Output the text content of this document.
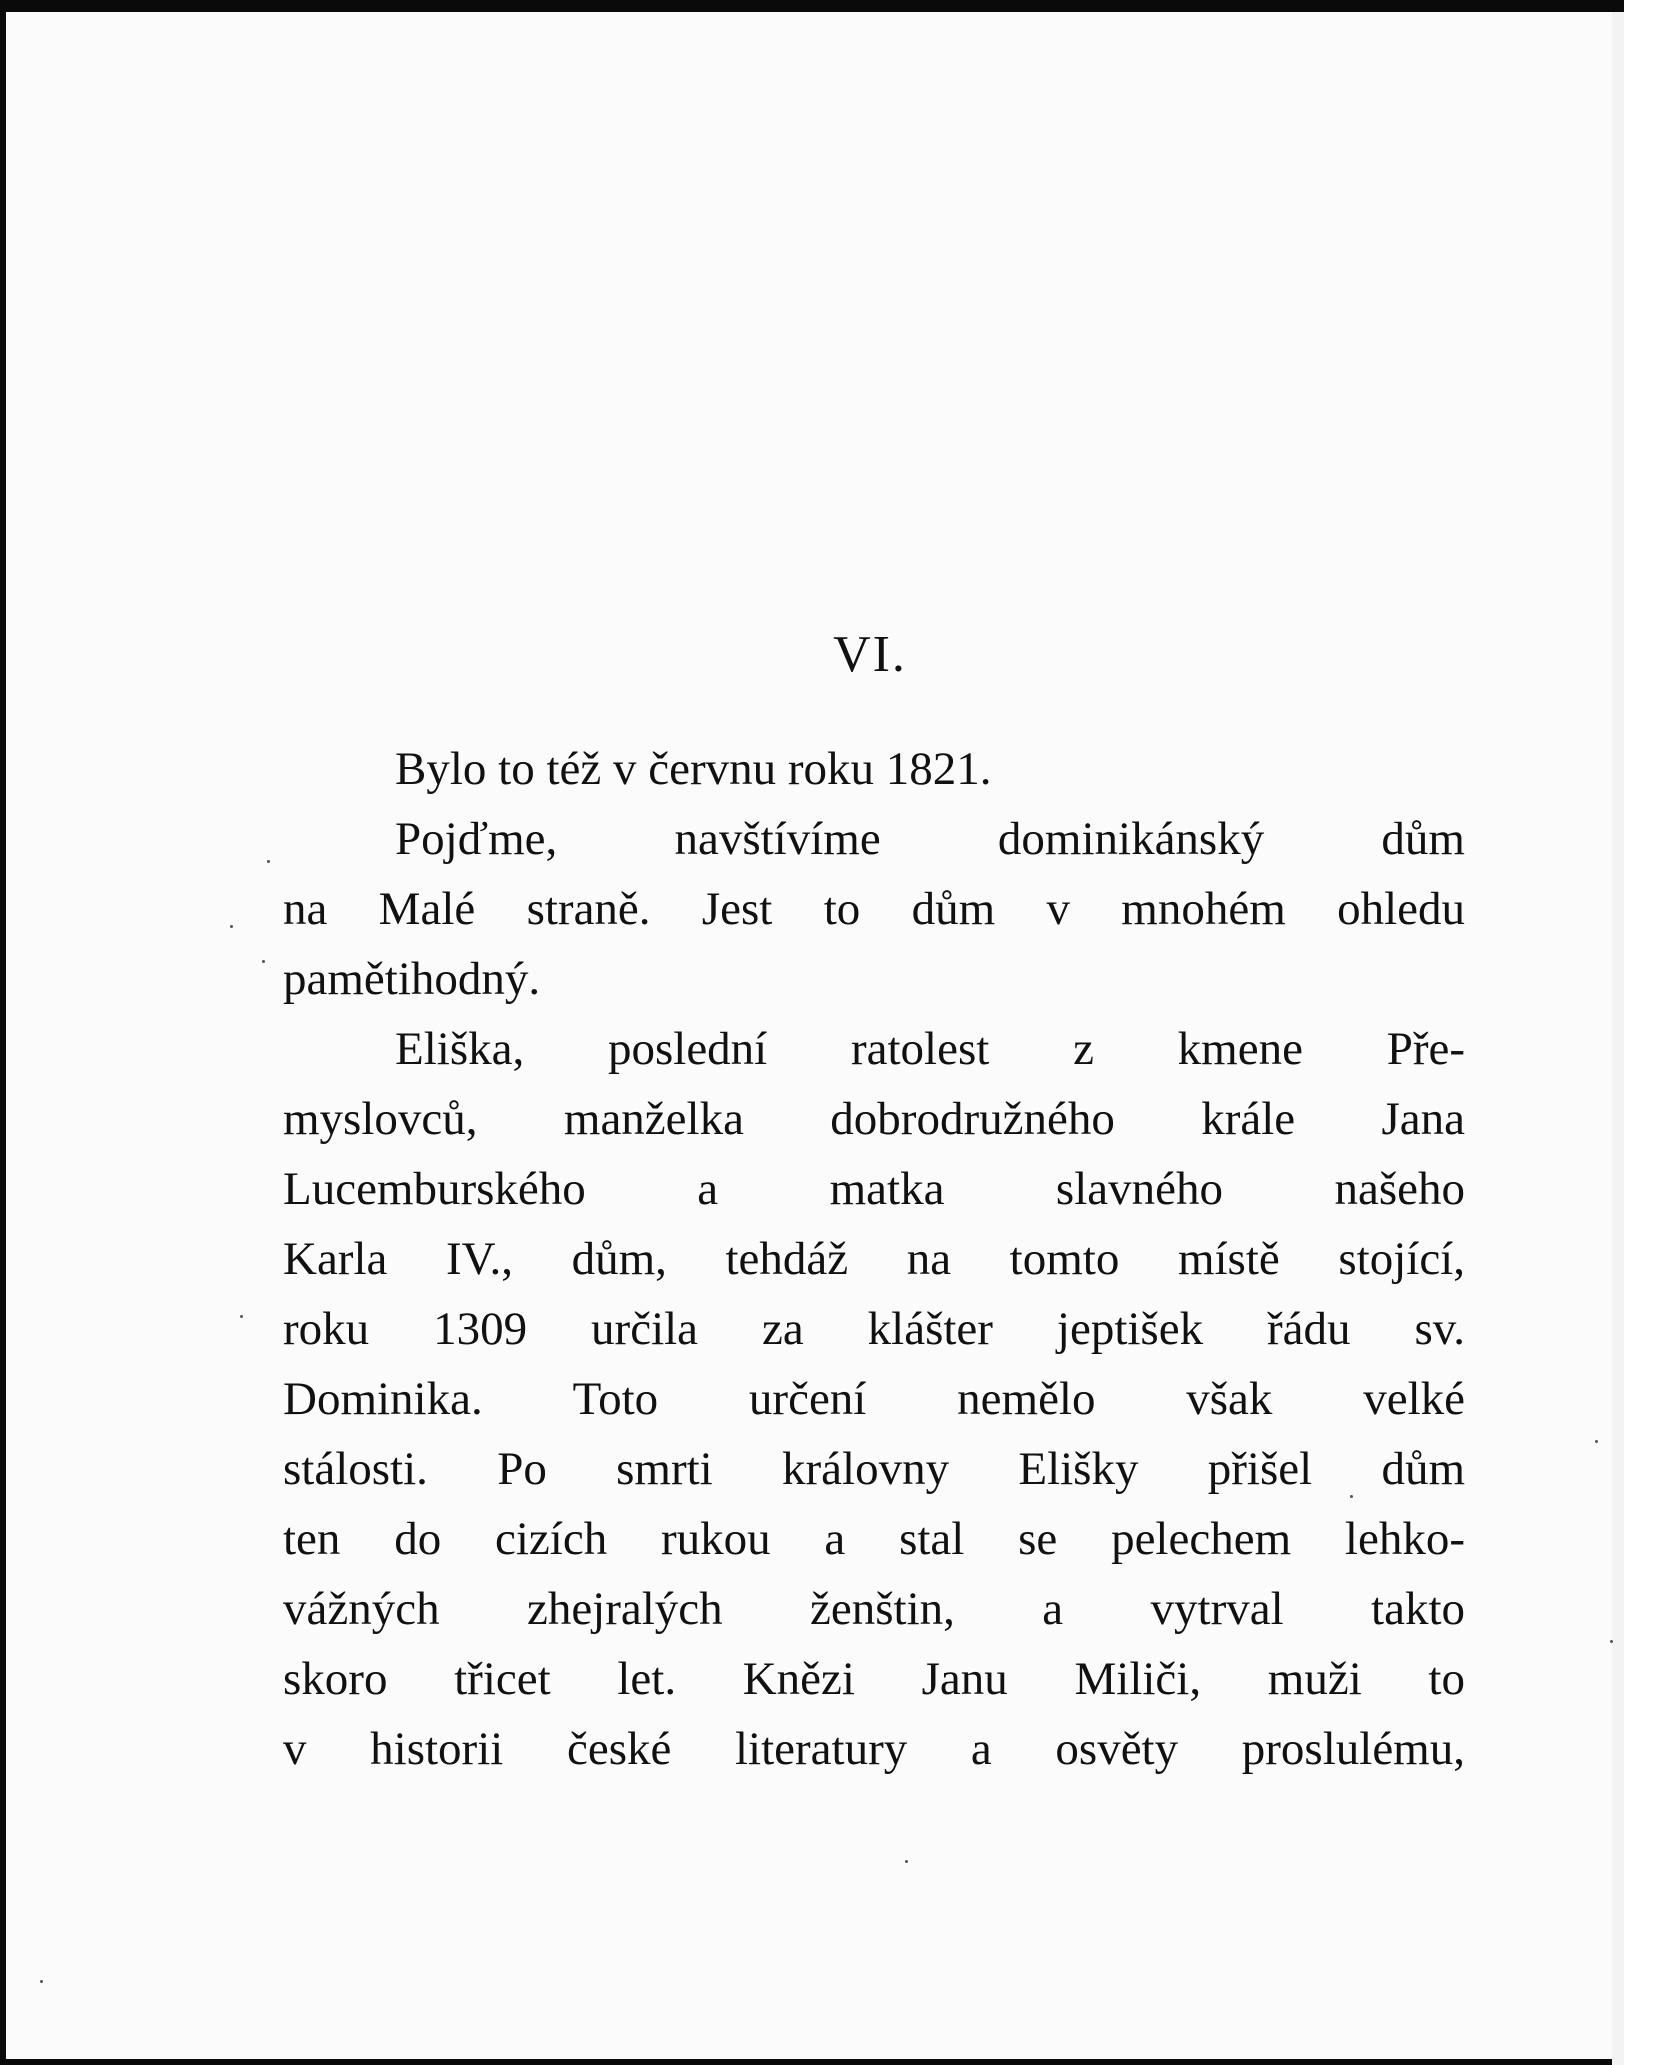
VI.
Bylo to též v červnu roku 1821.
Pojďme, navštívíme dominikánský dům
na Malé straně. Jest to dům v mnohém ohledu
pamětihodný.
Eliška, poslední ratolest z kmene Pře-
myslovců, manželka dobrodružného krále Jana
Lucemburského a matka slavného našeho
Karla IV., dům, tehdáž na tomto místě stojící,
roku 1309 určila za klášter jeptišek řádu sv.
Dominika. Toto určení nemělo však velké
stálosti. Po smrti královny Elišky přišel dům
ten do cizích rukou a stal se pelechem lehko-
vážných zhejralých ženštin, a vytrval takto
skoro třicet let. Knězi Janu Miliči, muži to
v historii české literatury a osvěty proslulému,
